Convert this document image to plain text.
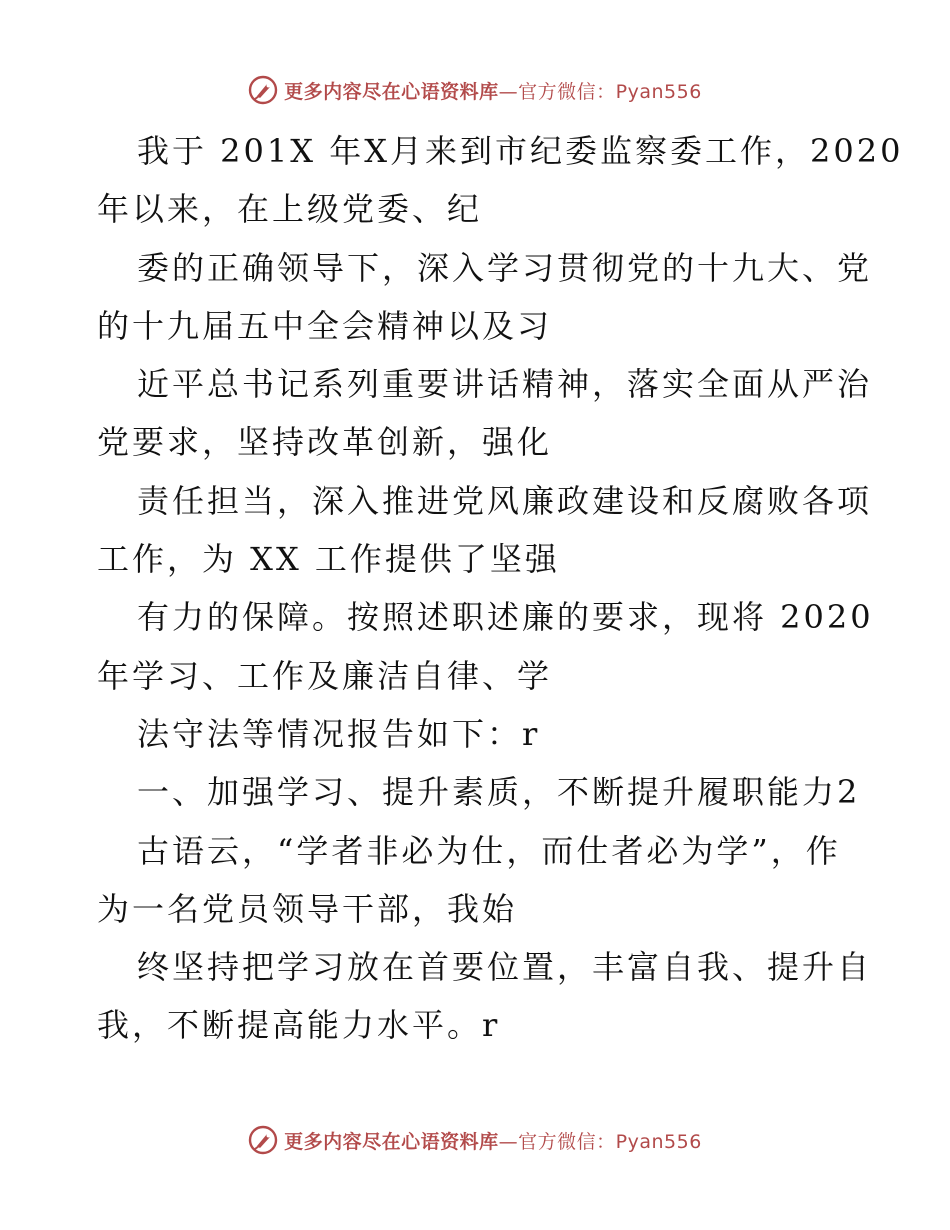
更多内容尽在心语资料库—官方微信：Pyan556
我于 201X 年X月来到市纪委监察委工作，2020
年以来，在上级党委、纪
委的正确领导下，深入学习贯彻党的十九大、党
的十九届五中全会精神以及习
近平总书记系列重要讲话精神，落实全面从严治
党要求，坚持改革创新，强化
责任担当，深入推进党风廉政建设和反腐败各项
工作，为 XX 工作提供了坚强
有力的保障。按照述职述廉的要求，现将 2020
年学习、工作及廉洁自律、学
法守法等情况报告如下：r
一、加强学习、提升素质，不断提升履职能力2
古语云，“学者非必为仕，而仕者必为学”，作
为一名党员领导干部，我始
终坚持把学习放在首要位置，丰富自我、提升自
我，不断提高能力水平。r
更多内容尽在心语资料库—官方微信：Pyan556
